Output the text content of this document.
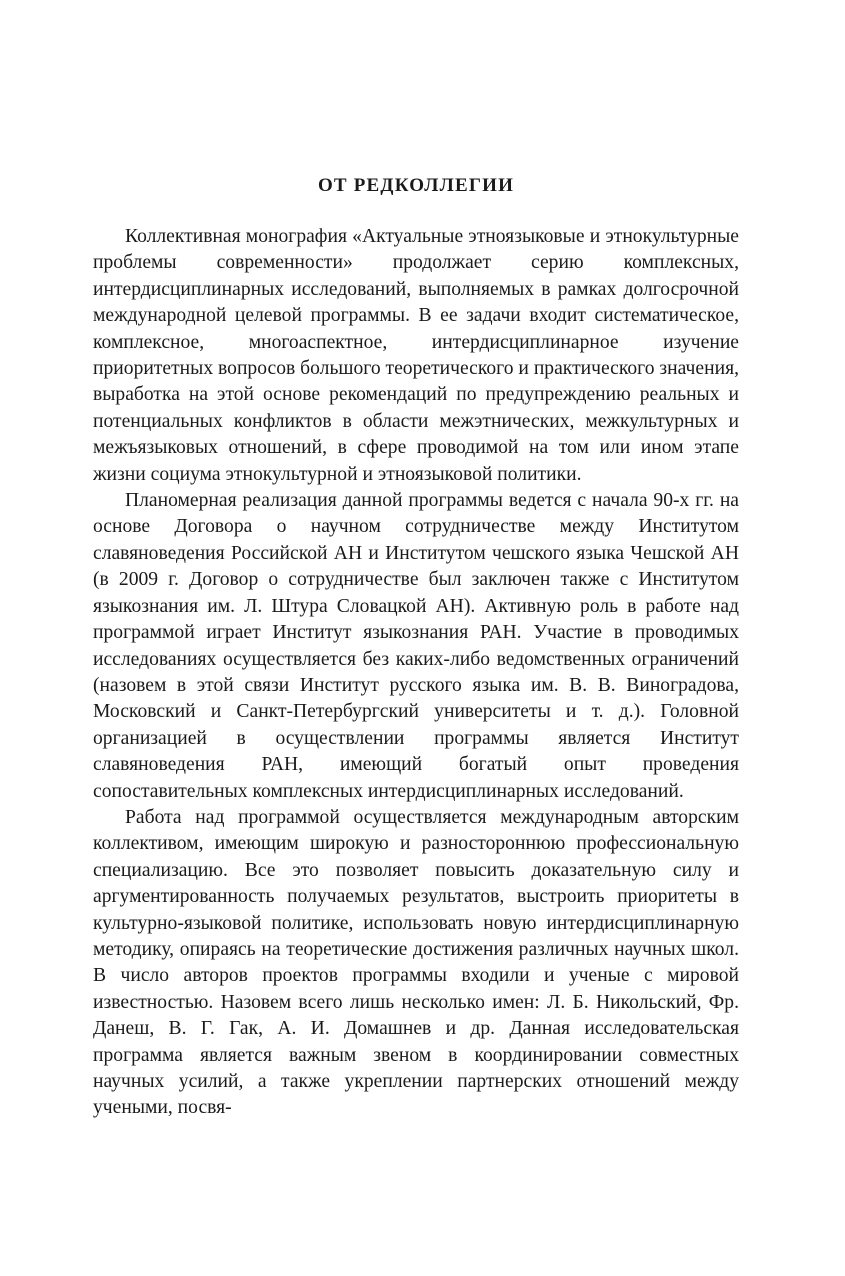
ОТ РЕДКОЛЛЕГИИ

Коллективная монография «Актуальные этноязыковые и этнокультурные проблемы современности» продолжает серию комплексных, интердисциплинарных исследований, выполняемых в рамках долгосрочной международной целевой программы. В ее задачи входит систематическое, комплексное, многоаспектное, интердисциплинарное изучение приоритетных вопросов большого теоретического и практического значения, выработка на этой основе рекомендаций по предупреждению реальных и потенциальных конфликтов в области межэтнических, межкультурных и межъязыковых отношений, в сфере проводимой на том или ином этапе жизни социума этнокультурной и этноязыковой политики.

Планомерная реализация данной программы ведется с начала 90-х гг. на основе Договора о научном сотрудничестве между Институтом славяноведения Российской АН и Институтом чешского языка Чешской АН (в 2009 г. Договор о сотрудничестве был заключен также с Институтом языкознания им. Л. Штура Словацкой АН). Активную роль в работе над программой играет Институт языкознания РАН. Участие в проводимых исследованиях осуществляется без каких-либо ведомственных ограничений (назовем в этой связи Институт русского языка им. В. В. Виноградова, Московский и Санкт-Петербургский университеты и т. д.). Головной организацией в осуществлении программы является Институт славяноведения РАН, имеющий богатый опыт проведения сопоставительных комплексных интердисциплинарных исследований.

Работа над программой осуществляется международным авторским коллективом, имеющим широкую и разностороннюю профессиональную специализацию. Все это позволяет повысить доказательную силу и аргументированность получаемых результатов, выстроить приоритеты в культурно-языковой политике, использовать новую интердисциплинарную методику, опираясь на теоретические достижения различных научных школ. В число авторов проектов программы входили и ученые с мировой известностью. Назовем всего лишь несколько имен: Л. Б. Никольский, Фр. Данеш, В. Г. Гак, А. И. Домашнев и др. Данная исследовательская программа является важным звеном в координировании совместных научных усилий, а также укреплении партнерских отношений между учеными, посвя-
